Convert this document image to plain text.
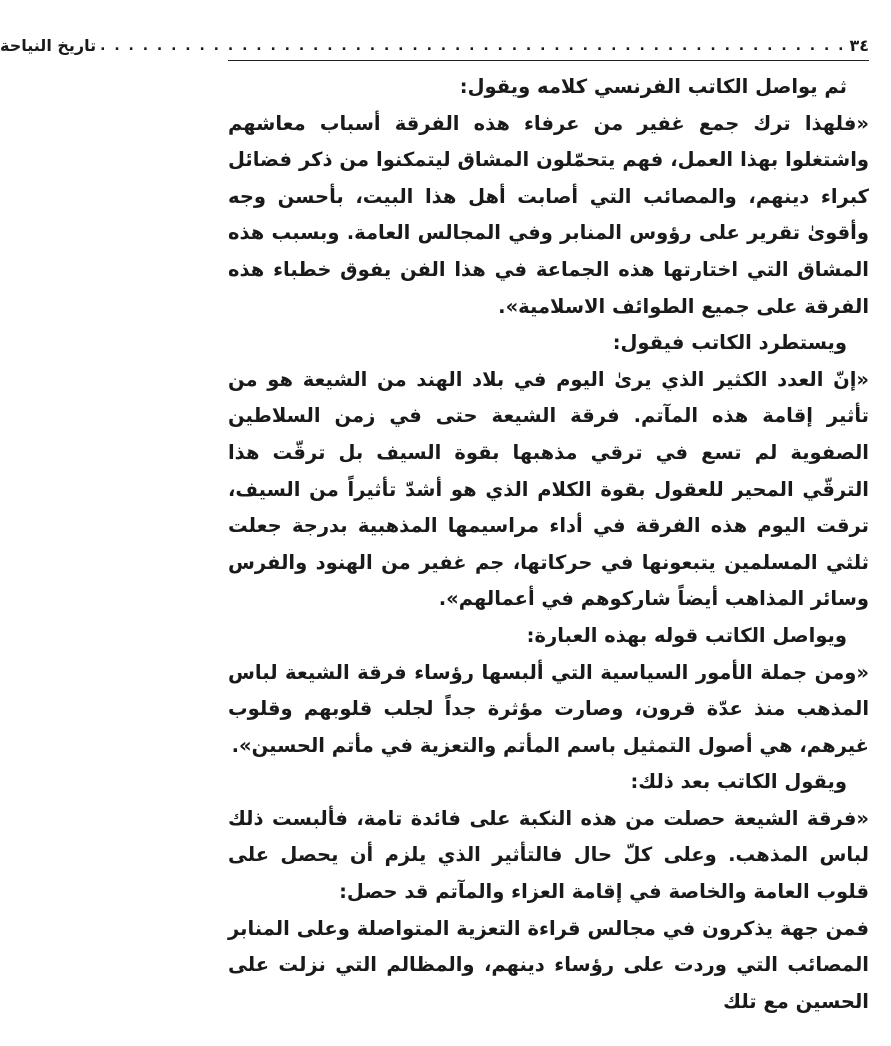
٣٤
. . . . . . . . . . . . . . . . . . . . . . . . . . . . . . . . . . . . . . . . . . . . . . . . . . . . .
تاريخ النياحة

ثم يواصل الكاتب الفرنسي كلامه ويقول:

«فلهذا ترك جمع غفير من عرفاء هذه الفرقة أسباب معاشهم واشتغلوا بهذا العمل، فهم يتحمّلون المشاق ليتمكنوا من ذكر فضائل كبراء دينهم، والمصائب التي أصابت أهل هذا البيت، بأحسن وجه وأقوىٰ تقرير على رؤوس المنابر وفي المجالس العامة. وبسبب هذه المشاق التي اختارتها هذه الجماعة في هذا الفن يفوق خطباء هذه الفرقة على جميع الطوائف الاسلامية».

ويستطرد الكاتب فيقول:

«إنّ العدد الكثير الذي يرىٰ اليوم في بلاد الهند من الشيعة هو من تأثير إقامة هذه المآتم. فرقة الشيعة حتى في زمن السلاطين الصفوية لم تسع في ترقي مذهبها بقوة السيف بل ترقّت هذا الترقّي المحير للعقول بقوة الكلام الذي هو أشدّ تأثيراً من السيف، ترقت اليوم هذه الفرقة في أداء مراسيمها المذهبية بدرجة جعلت ثلثي المسلمين يتبعونها في حركاتها، جم غفير من الهنود والفرس وسائر المذاهب أيضاً شاركوهم في أعمالهم».

ويواصل الكاتب قوله بهذه العبارة:

«ومن جملة الأمور السياسية التي ألبسها رؤساء فرقة الشيعة لباس المذهب منذ عدّة قرون، وصارت مؤثرة جداً لجلب قلوبهم وقلوب غيرهم، هي أصول التمثيل باسم المأتم والتعزية في مأتم الحسين».

ويقول الكاتب بعد ذلك:

«فرقة الشيعة حصلت من هذه النكبة على فائدة تامة، فألبست ذلك لباس المذهب. وعلى كلّ حال فالتأثير الذي يلزم أن يحصل على قلوب العامة والخاصة في إقامة العزاء والمآتم قد حصل:

فمن جهة يذكرون في مجالس قراءة التعزية المتواصلة وعلى المنابر المصائب التي وردت على رؤساء دينهم، والمظالم التي نزلت على الحسين مع تلك
